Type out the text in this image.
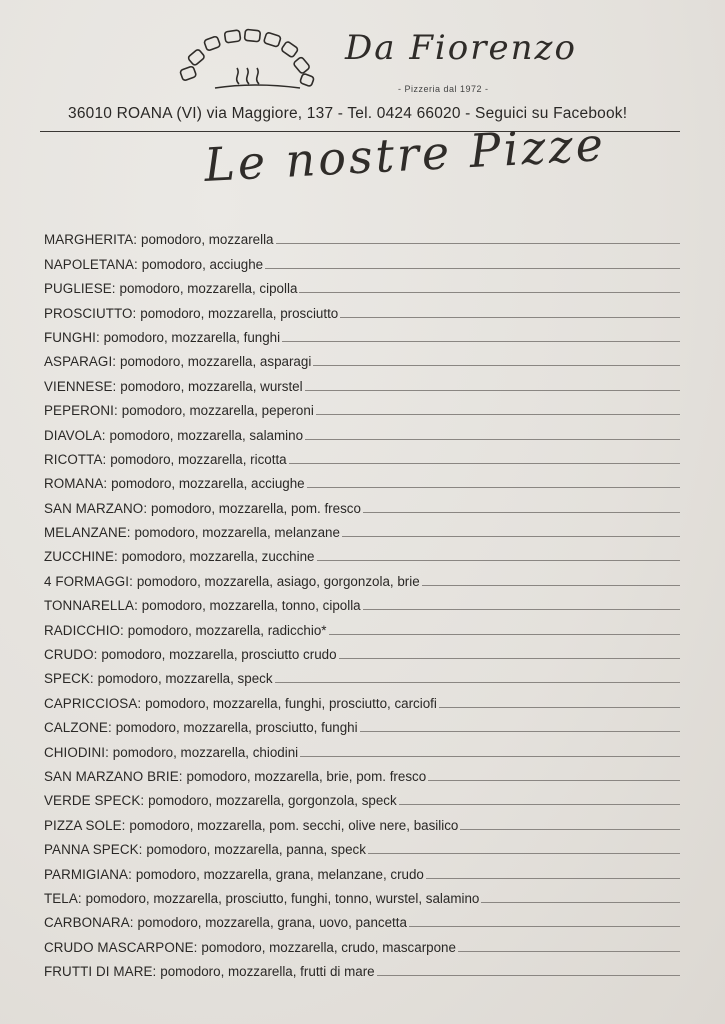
Da Fiorenzo
- Pizzeria dal 1972 -
36010 ROANA (VI) via Maggiore, 137 - Tel. 0424 66020 - Seguici su Facebook!
Le nostre Pizze
MARGHERITA : pomodoro, mozzarella
NAPOLETANA : pomodoro, acciughe
PUGLIESE : pomodoro, mozzarella, cipolla
PROSCIUTTO : pomodoro, mozzarella, prosciutto
FUNGHI : pomodoro, mozzarella, funghi
ASPARAGI : pomodoro, mozzarella, asparagi
VIENNESE : pomodoro, mozzarella, wurstel
PEPERONI : pomodoro, mozzarella, peperoni
DIAVOLA : pomodoro, mozzarella, salamino
RICOTTA : pomodoro, mozzarella, ricotta
ROMANA : pomodoro, mozzarella, acciughe
SAN MARZANO : pomodoro, mozzarella, pom. fresco
MELANZANE : pomodoro, mozzarella, melanzane
ZUCCHINE : pomodoro, mozzarella, zucchine
4 FORMAGGI : pomodoro, mozzarella, asiago, gorgonzola, brie
TONNARELLA : pomodoro, mozzarella, tonno, cipolla
RADICCHIO : pomodoro, mozzarella, radicchio*
CRUDO : pomodoro, mozzarella, prosciutto crudo
SPECK : pomodoro, mozzarella, speck
CAPRICCIOSA : pomodoro, mozzarella, funghi, prosciutto, carciofi
CALZONE : pomodoro, mozzarella, prosciutto, funghi
CHIODINI : pomodoro, mozzarella, chiodini
SAN MARZANO BRIE : pomodoro, mozzarella, brie, pom. fresco
VERDE SPECK : pomodoro, mozzarella, gorgonzola, speck
PIZZA SOLE : pomodoro, mozzarella, pom. secchi, olive nere, basilico
PANNA SPECK : pomodoro, mozzarella, panna, speck
PARMIGIANA : pomodoro, mozzarella, grana, melanzane, crudo
TELA : pomodoro, mozzarella, prosciutto, funghi, tonno, wurstel, salamino
CARBONARA : pomodoro, mozzarella, grana, uovo, pancetta
CRUDO MASCARPONE : pomodoro, mozzarella, crudo, mascarpone
FRUTTI DI MARE : pomodoro, mozzarella, frutti di mare
